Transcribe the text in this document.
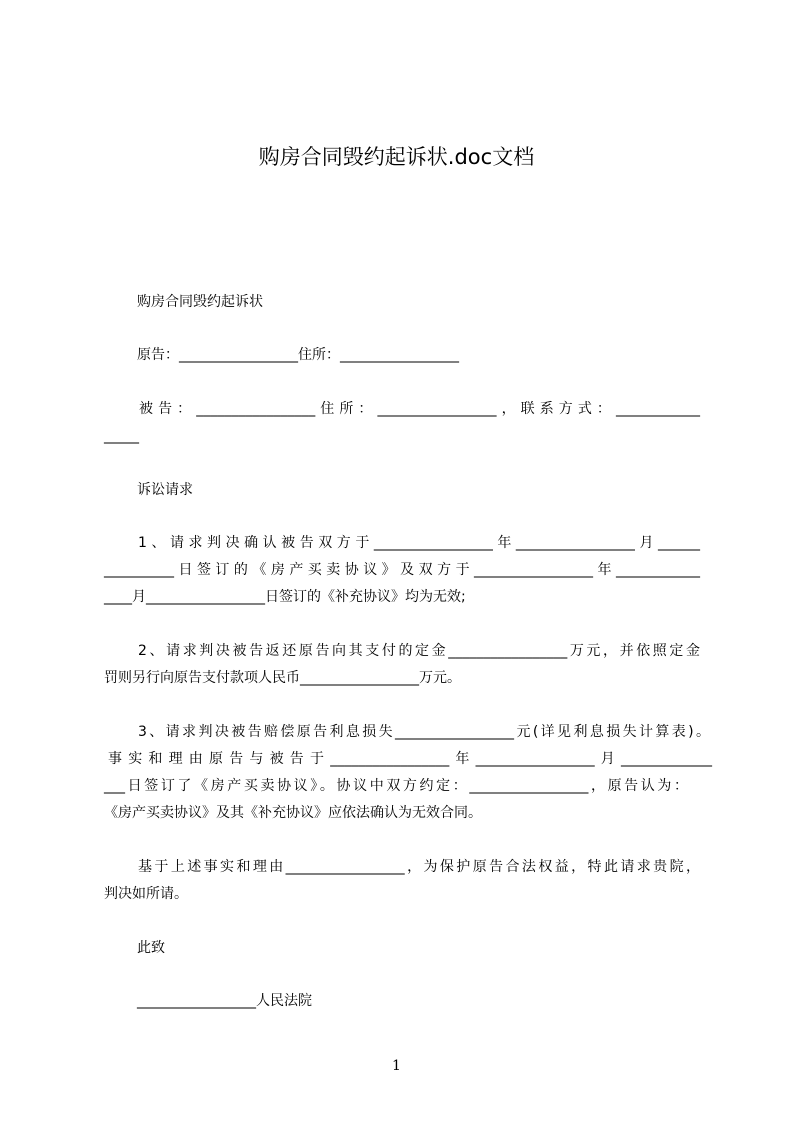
购房合同毁约起诉状.doc文档
购房合同毁约起诉状
原告：_________________住所：_________________
被告：_________________住所：_________________，联系方式：____________
_____
诉讼请求
1、请求判决确认被告双方于_________________年_________________月______
__________日签订的《房产买卖协议》及双方于_________________年____________
____月_________________日签订的《补充协议》均为无效;
2、请求判决被告返还原告向其支付的定金_________________万元，并依照定金
罚则另行向原告支付款项人民币_________________万元。
3、请求判决被告赔偿原告利息损失_________________元(详见利息损失计算表)。
事实和理由原告与被告于_________________年_________________月_____________
___日签订了《房产买卖协议》。协议中双方约定：_________________，原告认为：
《房产买卖协议》及其《补充协议》应依法确认为无效合同。
基于上述事实和理由_________________，为保护原告合法权益，特此请求贵院，
判决如所请。
此致
_________________人民法院
1
